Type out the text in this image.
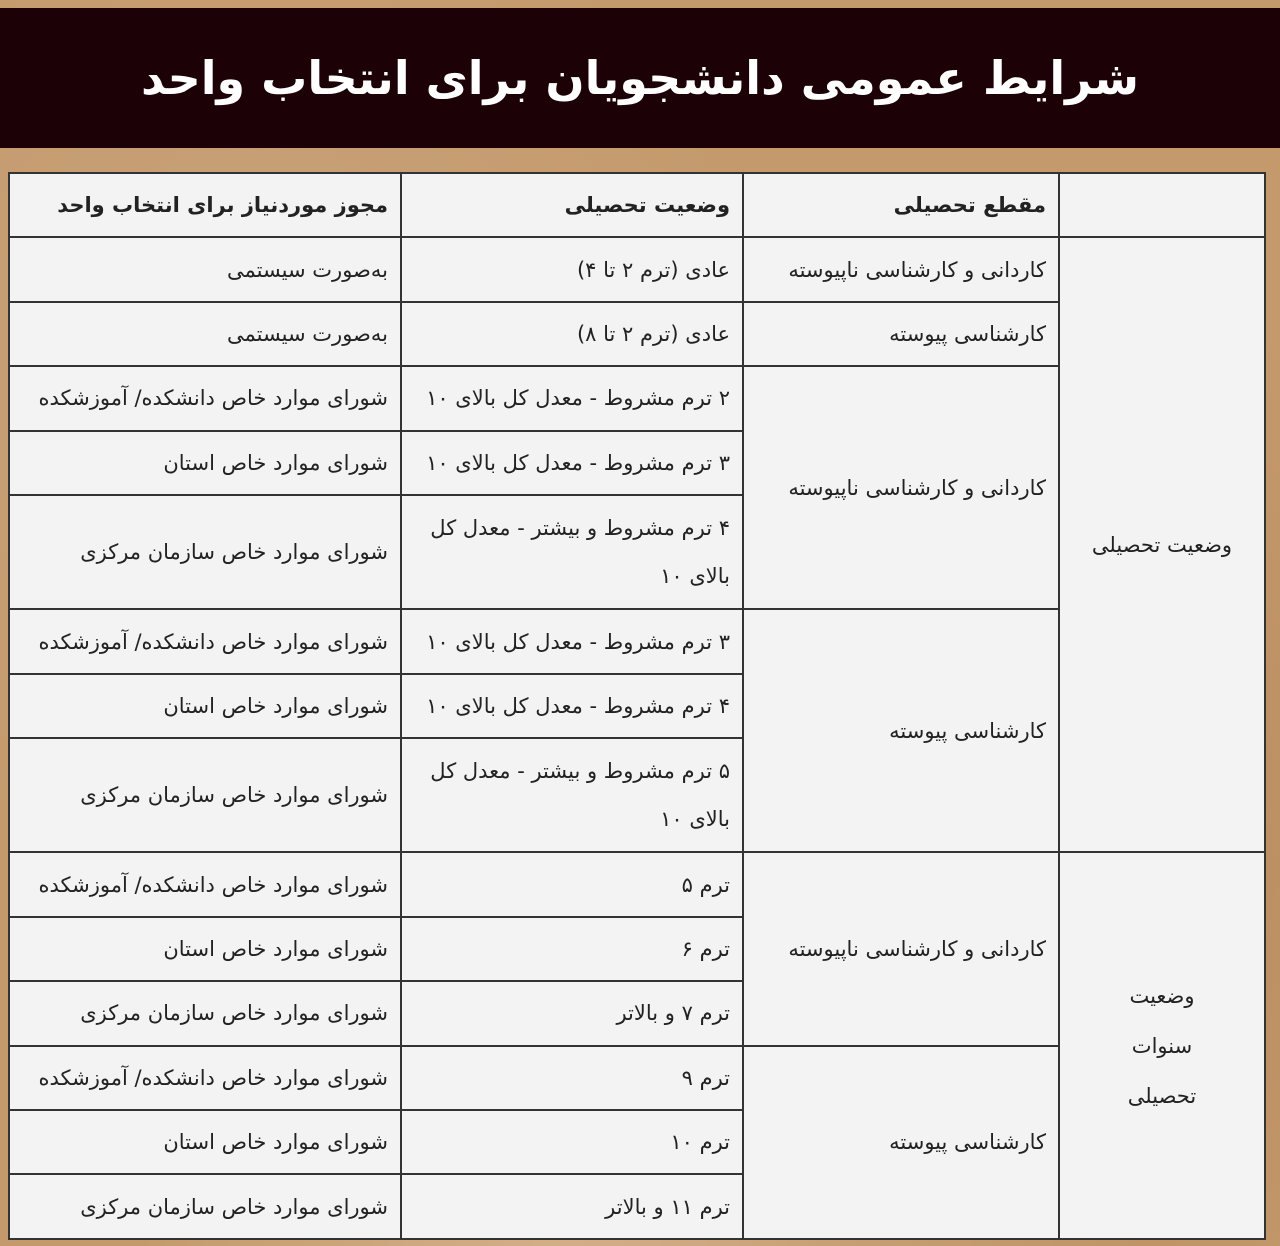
شرایط عمومی دانشجویان برای انتخاب واحد
	مقطع تحصیلی	وضعیت تحصیلی	مجوز موردنیاز برای انتخاب واحد
وضعیت تحصیلی	کاردانی و کارشناسی ناپیوسته	عادی (ترم ۲ تا ۴)	به‌صورت سیستمی
	کارشناسی پیوسته	عادی (ترم ۲ تا ۸)	به‌صورت سیستمی
	کاردانی و کارشناسی ناپیوسته	۲ ترم مشروط - معدل کل بالای ۱۰	شورای موارد خاص دانشکده/ آموزشکده
		۳ ترم مشروط - معدل کل بالای ۱۰	شورای موارد خاص استان
		۴ ترم مشروط و بیشتر - معدل کل بالای ۱۰	شورای موارد خاص سازمان مرکزی
	کارشناسی پیوسته	۳ ترم مشروط - معدل کل بالای ۱۰	شورای موارد خاص دانشکده/ آموزشکده
		۴ ترم مشروط - معدل کل بالای ۱۰	شورای موارد خاص استان
		۵ ترم مشروط و بیشتر - معدل کل بالای ۱۰	شورای موارد خاص سازمان مرکزی
وضعیت سنوات تحصیلی	کاردانی و کارشناسی ناپیوسته	ترم ۵	شورای موارد خاص دانشکده/ آموزشکده
		ترم ۶	شورای موارد خاص استان
		ترم ۷ و بالاتر	شورای موارد خاص سازمان مرکزی
	کارشناسی پیوسته	ترم ۹	شورای موارد خاص دانشکده/ آموزشکده
		ترم ۱۰	شورای موارد خاص استان
		ترم ۱۱ و بالاتر	شورای موارد خاص سازمان مرکزی
